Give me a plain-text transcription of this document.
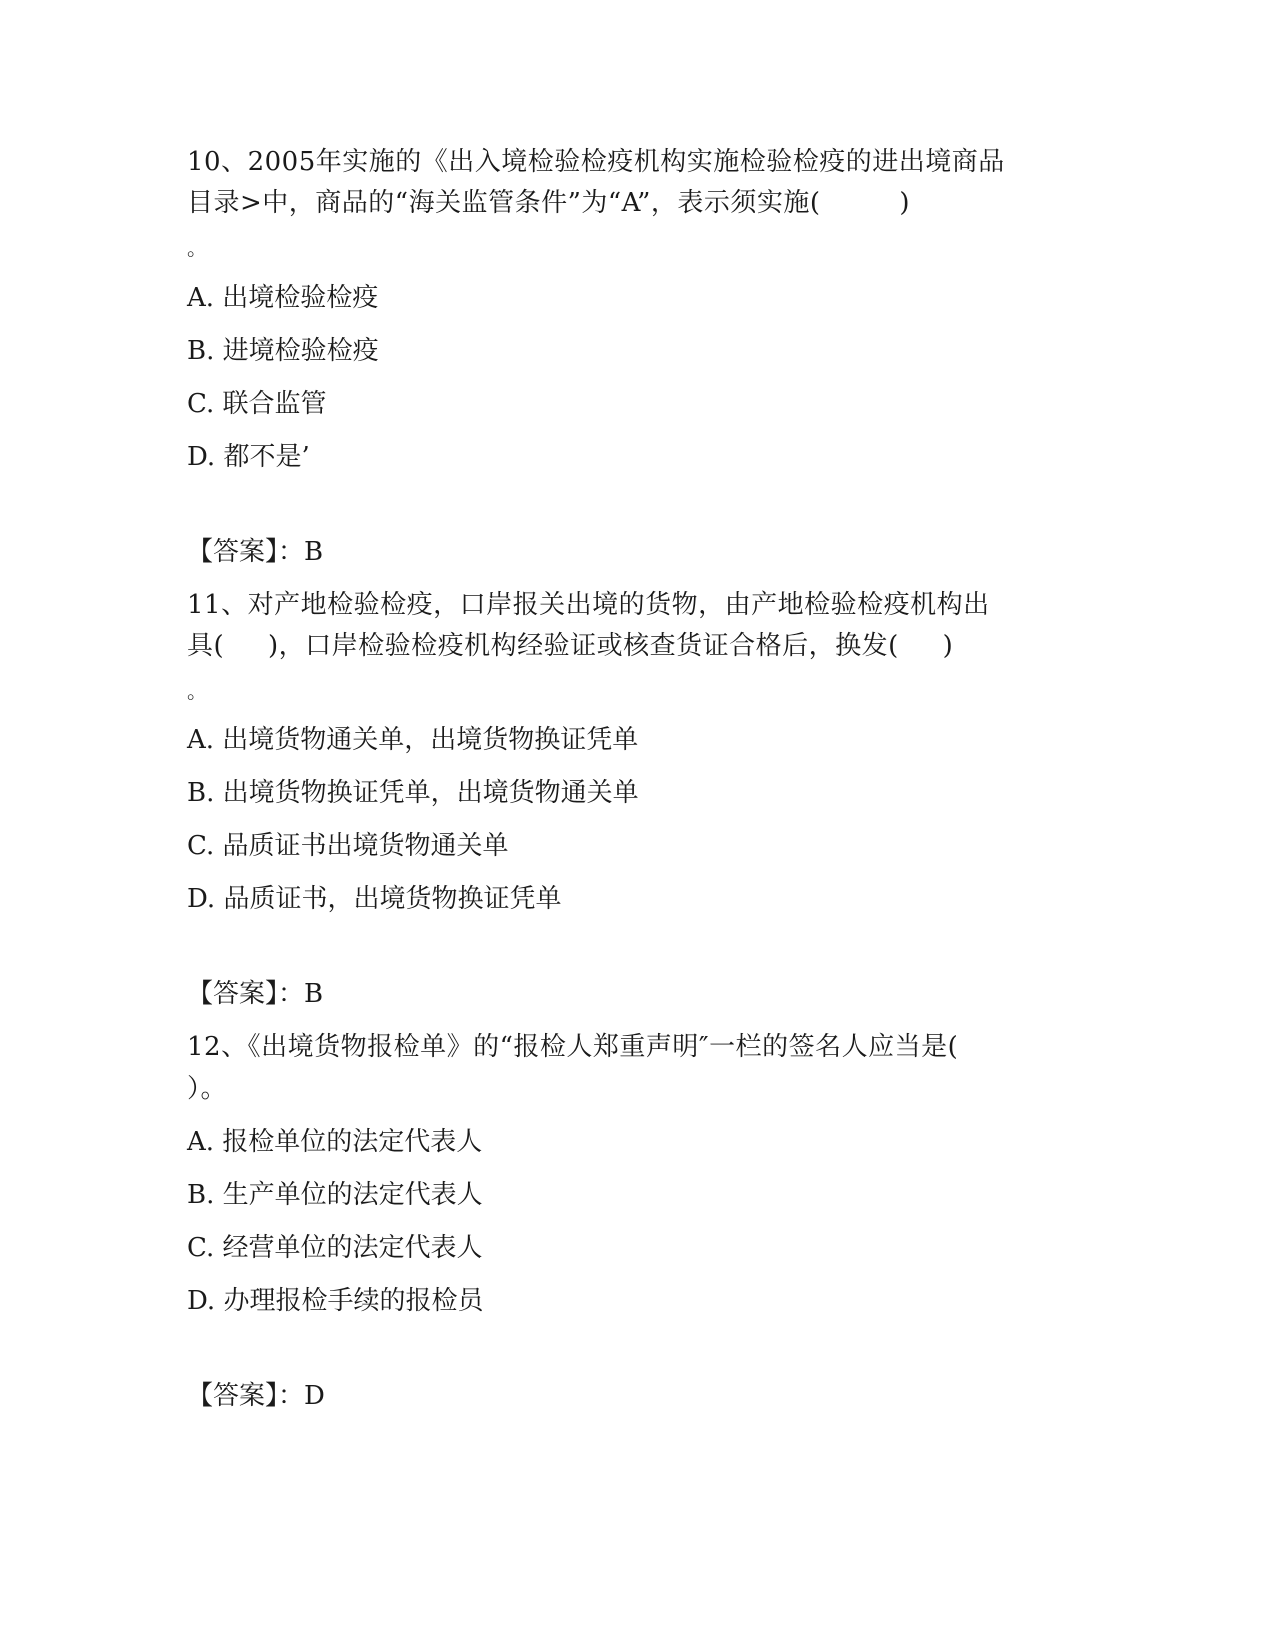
10、2005年实施的《出入境检验检疫机构实施检验检疫的进出境商品
目录>中，商品的“海关监管条件”为“A”，表示须实施(         )
。
A. 出境检验检疫
B. 进境检验检疫
C. 联合监管
D. 都不是’
【答案】：B
11、对产地检验检疫，口岸报关出境的货物，由产地检验检疫机构出
具(     )，口岸检验检疫机构经验证或核查货证合格后，换发(     )
。
A. 出境货物通关单，出境货物换证凭单
B. 出境货物换证凭单，出境货物通关单
C. 品质证书出境货物通关单
D. 品质证书，出境货物换证凭单
【答案】：B
12、《出境货物报检单》的“报检人郑重声明″一栏的签名人应当是(
）。
A. 报检单位的法定代表人
B. 生产单位的法定代表人
C. 经营单位的法定代表人
D. 办理报检手续的报检员
【答案】：D
